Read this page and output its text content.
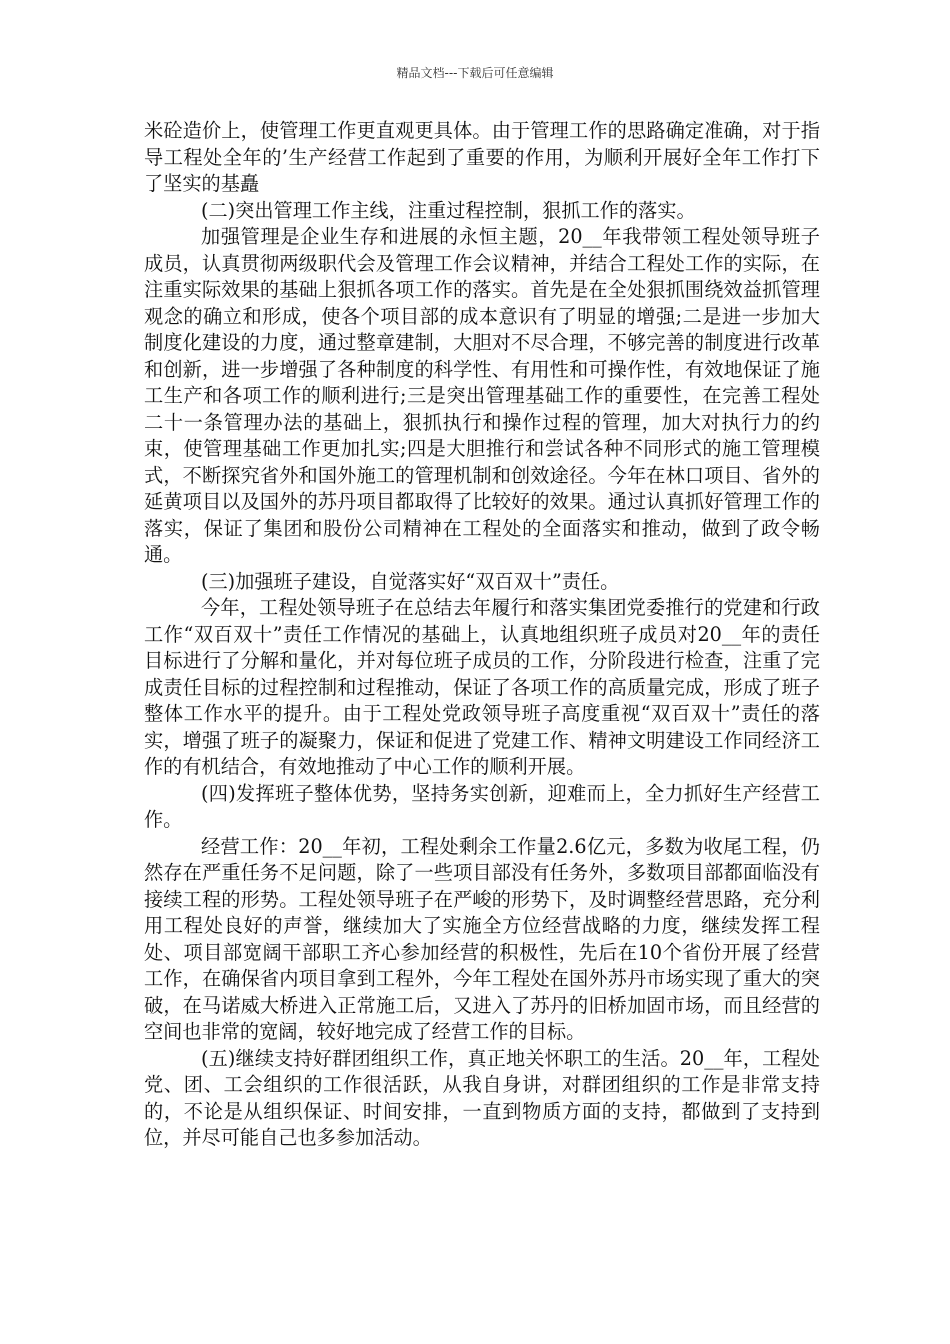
精品文档---下载后可任意编辑

米砼造价上，使管理工作更直观更具体。由于管理工作的思路确定准确，对于指导工程处全年的’生产经营工作起到了重要的作用，为顺利开展好全年工作打下了坚实的基矗

(二)突出管理工作主线，注重过程控制，狠抓工作的落实。

加强管理是企业生存和进展的永恒主题，20__年我带领工程处领导班子成员，认真贯彻两级职代会及管理工作会议精神，并结合工程处工作的实际，在注重实际效果的基础上狠抓各项工作的落实。首先是在全处狠抓围绕效益抓管理观念的确立和形成，使各个项目部的成本意识有了明显的增强;二是进一步加大制度化建设的力度，通过整章建制，大胆对不尽合理，不够完善的制度进行改革和创新，进一步增强了各种制度的科学性、有用性和可操作性，有效地保证了施工生产和各项工作的顺利进行;三是突出管理基础工作的重要性，在完善工程处二十一条管理办法的基础上，狠抓执行和操作过程的管理，加大对执行力的约束，使管理基础工作更加扎实;四是大胆推行和尝试各种不同形式的施工管理模式，不断探究省外和国外施工的管理机制和创效途径。今年在林口项目、省外的延黄项目以及国外的苏丹项目都取得了比较好的效果。通过认真抓好管理工作的落实，保证了集团和股份公司精神在工程处的全面落实和推动，做到了政令畅通。

(三)加强班子建设，自觉落实好“双百双十”责任。

今年，工程处领导班子在总结去年履行和落实集团党委推行的党建和行政工作“双百双十”责任工作情况的基础上，认真地组织班子成员对20__年的责任目标进行了分解和量化，并对每位班子成员的工作，分阶段进行检查，注重了完成责任目标的过程控制和过程推动，保证了各项工作的高质量完成，形成了班子整体工作水平的提升。由于工程处党政领导班子高度重视“双百双十”责任的落实，增强了班子的凝聚力，保证和促进了党建工作、精神文明建设工作同经济工作的有机结合，有效地推动了中心工作的顺利开展。

(四)发挥班子整体优势，坚持务实创新，迎难而上，全力抓好生产经营工作。

经营工作：20__年初，工程处剩余工作量2.6亿元，多数为收尾工程，仍然存在严重任务不足问题，除了一些项目部没有任务外，多数项目部都面临没有接续工程的形势。工程处领导班子在严峻的形势下，及时调整经营思路，充分利用工程处良好的声誉，继续加大了实施全方位经营战略的力度，继续发挥工程处、项目部宽阔干部职工齐心参加经营的积极性，先后在10个省份开展了经营工作，在确保省内项目拿到工程外，今年工程处在国外苏丹市场实现了重大的突破，在马诺威大桥进入正常施工后，又进入了苏丹的旧桥加固市场，而且经营的空间也非常的宽阔，较好地完成了经营工作的目标。

(五)继续支持好群团组织工作，真正地关怀职工的生活。20__年，工程处党、团、工会组织的工作很活跃，从我自身讲，对群团组织的工作是非常支持的，不论是从组织保证、时间安排，一直到物质方面的支持，都做到了支持到位，并尽可能自己也多参加活动。
